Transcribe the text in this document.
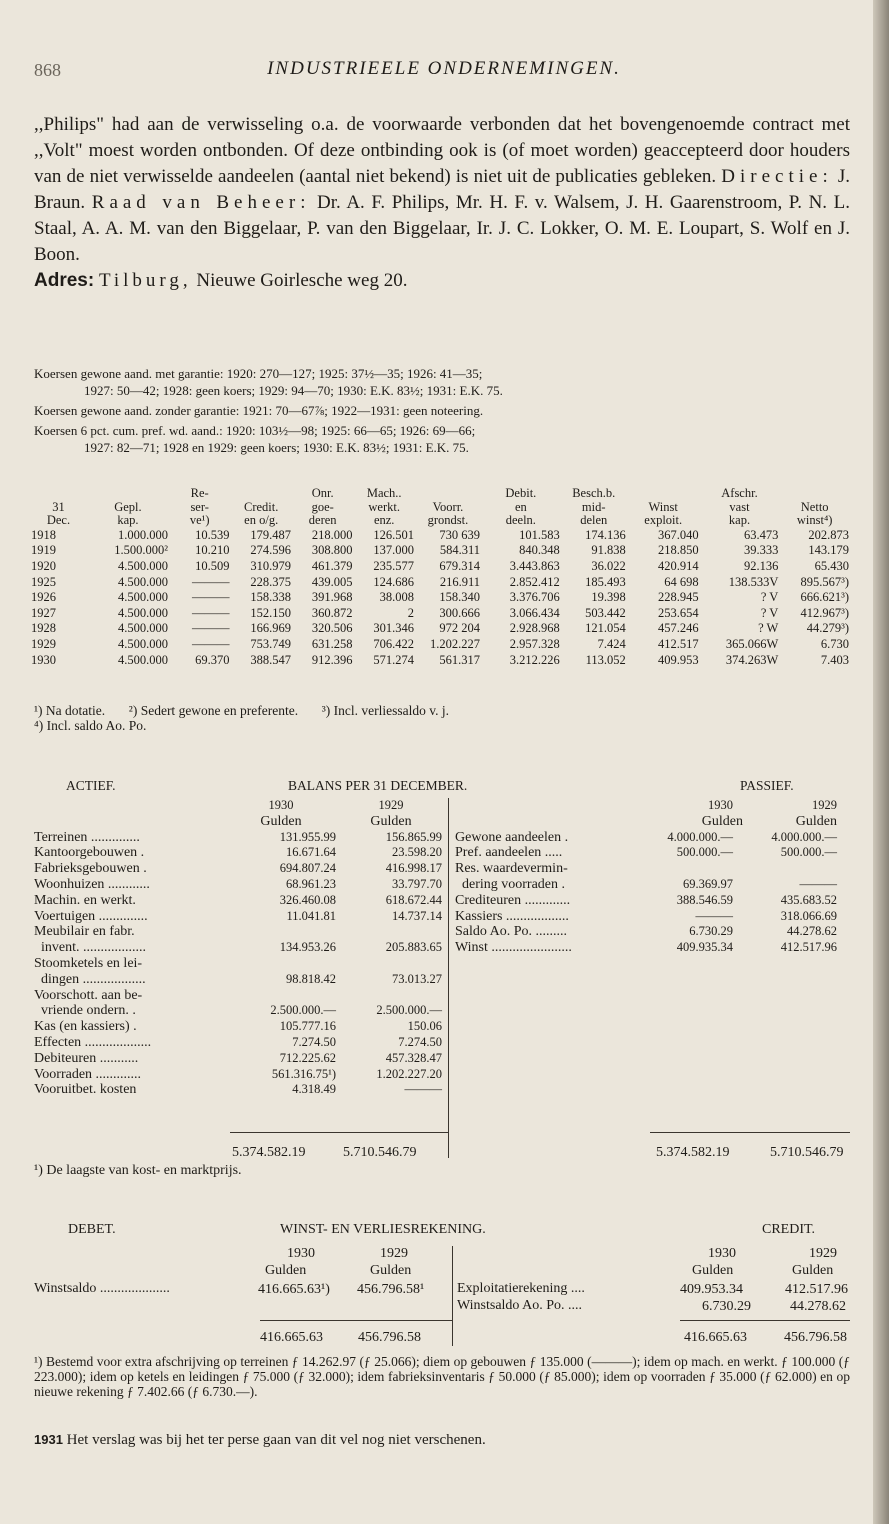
868	INDUSTRIEELE ONDERNEMINGEN.

,,Philips" had aan de verwisseling o.a. de voorwaarde verbonden dat het bovengenoemde contract met ,,Volt" moest worden ontbonden. Of deze ontbinding ook is (of moet worden) geaccepteerd door houders van de niet verwisselde aandeelen (aantal niet bekend) is niet uit de publicaties gebleken. Directie: J. Braun. Raad van Beheer: Dr. A. F. Philips, Mr. H. F. v. Walsem, J. H. Gaarenstroom, P. N. L. Staal, A. A. M. van den Biggelaar, P. van den Biggelaar, Ir. J. C. Lokker, O. M. E. Loupart, S. Wolf en J. Boon.

Adres: Tilburg, Nieuwe Goirlesche weg 20.

Koersen gewone aand. met garantie: 1920: 270—127; 1925: 37½—35; 1926: 41—35;
1927: 50—42; 1928: geen koers; 1929: 94—70; 1930: E.K. 83½; 1931: E.K. 75.
Koersen gewone aand. zonder garantie: 1921: 70—67⅞; 1922—1931: geen noteering.
Koersen 6 pct. cum. pref. wd. aand.: 1920: 103½—98; 1925: 66—65; 1926: 69—66;
1927: 82—71; 1928 en 1929: geen koers; 1930: E.K. 83½; 1931: E.K. 75.
		Re-		Onr.	Mach..		Debit.	Besch.b.		Afschr.	
31	Gepl.	ser-	Credit.	goe-	werkt.	Voorr.	en	mid-	Winst	vast	Netto
Dec.	kap.	ve¹)	en o/g.	deren	enz.	grondst.	deeln.	delen	exploit.	kap.	winst⁴)
1918	1.000.000	10.539	179.487	218.000	126.501	730 639	101.583	174.136	367.040	63.473	202.873
1919	1.500.000²	10.210	274.596	308.800	137.000	584.311	840.348	91.838	218.850	39.333	143.179
1920	4.500.000	10.509	310.979	461.379	235.577	679.314	3.443.863	36.022	420.914	92.136	65.430
1925	4.500.000	———	228.375	439.005	124.686	216.911	2.852.412	185.493	64 698	138.533V	895.567³)
1926	4.500.000	———	158.338	391.968	38.008	158.340	3.376.706	19.398	228.945	? V	666.621³)
1927	4.500.000	———	152.150	360.872	2	300.666	3.066.434	503.442	253.654	? V	412.967³)
1928	4.500.000	———	166.969	320.506	301.346	972 204	2.928.968	121.054	457.246	? W	44.279³)
1929	4.500.000	———	753.749	631.258	706.422	1.202.227	2.957.328	7.424	412.517	365.066W	6.730
1930	4.500.000	69.370	388.547	912.396	571.274	561.317	3.212.226	113.052	409.953	374.263W	7.403
¹) Na dotatie. ²) Sedert gewone en preferente. ³) Incl. verliessaldo v. j.
⁴) Incl. saldo Ao. Po.
ACTIEF.	BALANS PER 31 DECEMBER.	PASSIEF.
	1930	1929
	Gulden	Gulden
Terreinen ..............	131.955.99	156.865.99
Kantoorgebouwen .	16.671.64	23.598.20
Fabrieksgebouwen .	694.807.24	416.998.17
Woonhuizen ............	68.961.23	33.797.70
Machin. en werkt.	326.460.08	618.672.44
Voertuigen ..............	11.041.81	14.737.14
Meubilair en fabr.		
invent. ..................	134.953.26	205.883.65
Stoomketels en lei-		
dingen ..................	98.818.42	73.013.27
Voorschott. aan be-		
vriende ondern. .	2.500.000.—	2.500.000.—
Kas (en kassiers) .	105.777.16	150.06
Effecten ...................	7.274.50	7.274.50
Debiteuren ...........	712.225.62	457.328.47
Voorraden .............	561.316.75¹)	1.202.227.20
Vooruitbet. kosten	4.318.49	———
	1930	1929
	Gulden	Gulden
Gewone aandeelen .	4.000.000.—	4.000.000.—
Pref. aandeelen .....	500.000.—	500.000.—
Res. waardevermin-		
dering voorraden .	69.369.97	———
Crediteuren .............	388.546.59	435.683.52
Kassiers ..................	———	318.066.69
Saldo Ao. Po. .........	6.730.29	44.278.62
Winst .......................	409.935.34	412.517.96
5.374.582.19	5.710.546.79	5.374.582.19	5.710.546.79
¹) De laagste van kost- en marktprijs.
DEBET.	WINST- EN VERLIESREKENING.	CREDIT.
1930	1929
Gulden	Gulden
1930	1929
Gulden	Gulden
Winstsaldo ....................	416.665.63¹) 456.796.58¹ Exploitatierekening ....	409.953.34	412.517.96
Winstsaldo Ao. Po. ....	6.730.29	44.278.62
416.665.63	456.796.58	416.665.63	456.796.58
¹) Bestemd voor extra afschrijving op terreinen ƒ 14.262.97 (ƒ 25.066); diem op gebouwen ƒ 135.000 (———); idem op mach. en werkt. ƒ 100.000 (ƒ 223.000); idem op ketels en leidingen ƒ 75.000 (ƒ 32.000); idem fabrieksinventaris ƒ 50.000 (ƒ 85.000); idem op voorraden ƒ 35.000 (ƒ 62.000) en op nieuwe rekening ƒ 7.402.66 (ƒ 6.730.—).
1931 Het verslag was bij het ter perse gaan van dit vel nog niet verschenen.
